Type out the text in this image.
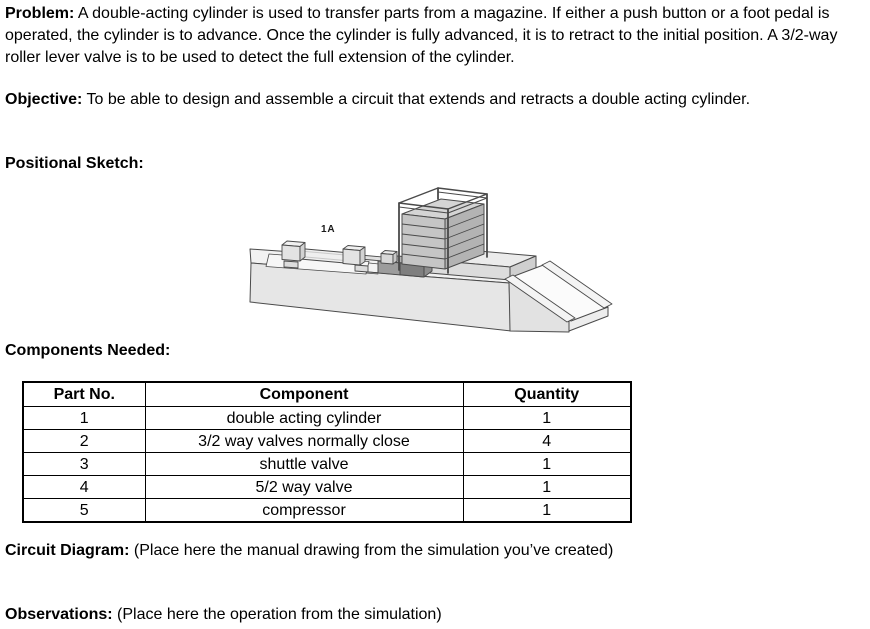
Problem: A double-acting cylinder is used to transfer parts from a magazine. If either a push button or a foot pedal is operated, the cylinder is to advance. Once the cylinder is fully advanced, it is to retract to the initial position. A 3/2-way roller lever valve is to be used to detect the full extension of the cylinder.
Objective: To be able to design and assemble a circuit that extends and retracts a double acting cylinder.
Positional Sketch:
1A
Components Needed:
Part No.	Component	Quantity
1	double acting cylinder	1
2	3/2 way valves normally close	4
3	shuttle valve	1
4	5/2 way valve	1
5	compressor	1
Circuit Diagram: (Place here the manual drawing from the simulation you’ve created)
Observations: (Place here the operation from the simulation)
